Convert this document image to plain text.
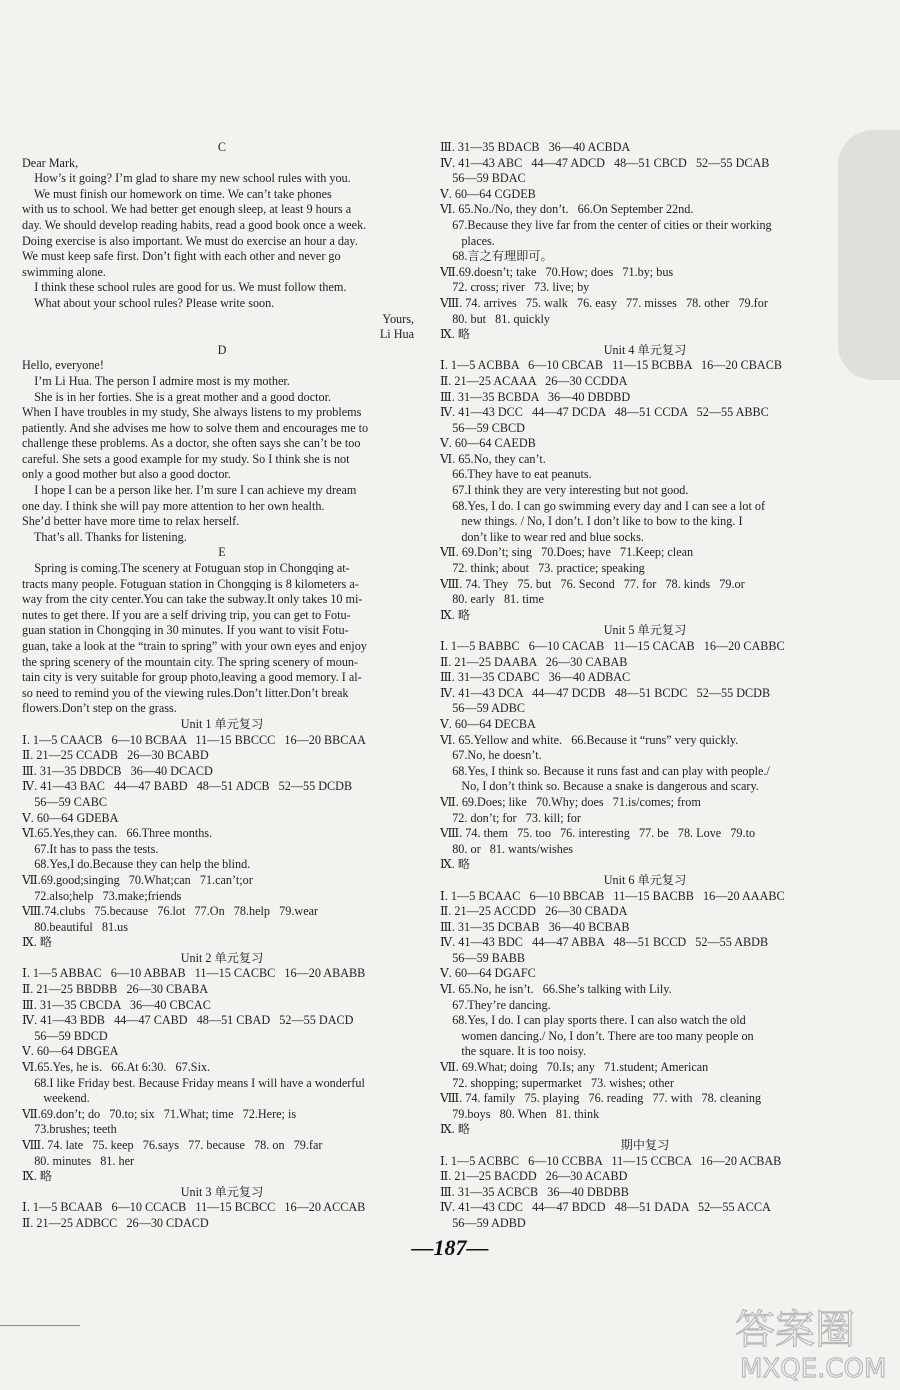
C
Dear Mark,
How’s it going? I’m glad to share my new school rules with you.
We must finish our homework on time. We can’t take phones
with us to school. We had better get enough sleep, at least 9 hours a
day. We should develop reading habits, read a good book once a week.
Doing exercise is also important. We must do exercise an hour a day.
We must keep safe first. Don’t fight with each other and never go
swimming alone.
I think these school rules are good for us. We must follow them.
What about your school rules? Please write soon.
Yours,
Li Hua
D
Hello, everyone!
I’m Li Hua. The person I admire most is my mother.
She is in her forties. She is a great mother and a good doctor.
When I have troubles in my study, She always listens to my problems
patiently. And she advises me how to solve them and encourages me to
challenge these problems. As a doctor, she often says she can’t be too
careful. She sets a good example for my study. So I think she is not
only a good mother but also a good doctor.
I hope I can be a person like her. I’m sure I can achieve my dream
one day. I think she will pay more attention to her own health.
She’d better have more time to relax herself.
That’s all. Thanks for listening.
E
Spring is coming.The scenery at Fotuguan stop in Chongqing at-
tracts many people. Fotuguan station in Chongqing is 8 kilometers a-
way from the city center.You can take the subway.It only takes 10 mi-
nutes to get there. If you are a self driving trip, you can get to Fotu-
guan station in Chongqing in 30 minutes. If you want to visit Fotu-
guan, take a look at the “train to spring” with your own eyes and enjoy
the spring scenery of the mountain city. The spring scenery of moun-
tain city is very suitable for group photo,leaving a good memory. I al-
so need to remind you of the viewing rules.Don’t litter.Don’t break
flowers.Don’t step on the grass.
Unit 1 单元复习
Ⅰ. 1—5 CAACB   6—10 BCBAA   11—15 BBCCC   16—20 BBCAA
Ⅱ. 21—25 CCADB   26—30 BCABD
Ⅲ. 31—35 DBDCB   36—40 DCACD
Ⅳ. 41—43 BAC   44—47 BABD   48—51 ADCB   52—55 DCDB
56—59 CABC
Ⅴ. 60—64 GDEBA
Ⅵ.65.Yes,they can.   66.Three months.
67.It has to pass the tests.
68.Yes,I do.Because they can help the blind.
Ⅶ.69.good;singing   70.What;can   71.can’t;or
72.also;help   73.make;friends
Ⅷ.74.clubs   75.because   76.lot   77.On   78.help   79.wear
80.beautiful   81.us
Ⅸ. 略
Unit 2 单元复习
Ⅰ. 1—5 ABBAC   6—10 ABBAB   11—15 CACBC   16—20 ABABB
Ⅱ. 21—25 BBDBB   26—30 CBABA
Ⅲ. 31—35 CBCDA   36—40 CBCAC
Ⅳ. 41—43 BDB   44—47 CABD   48—51 CBAD   52—55 DACD
56—59 BDCD
Ⅴ. 60—64 DBGEA
Ⅵ.65.Yes, he is.   66.At 6:30.   67.Six.
68.I like Friday best. Because Friday means I will have a wonderful
weekend.
Ⅶ.69.don’t; do   70.to; six   71.What; time   72.Here; is
73.brushes; teeth
Ⅷ. 74. late   75. keep   76.says   77. because   78. on   79.far
80. minutes   81. her
Ⅸ. 略
Unit 3 单元复习
Ⅰ. 1—5 BCAAB   6—10 CCACB   11—15 BCBCC   16—20 ACCAB
Ⅱ. 21—25 ADBCC   26—30 CDACD
Ⅲ. 31—35 BDACB   36—40 ACBDA
Ⅳ. 41—43 ABC   44—47 ADCD   48—51 CBCD   52—55 DCAB
56—59 BDAC
Ⅴ. 60—64 CGDEB
Ⅵ. 65.No./No, they don’t.   66.On September 22nd.
67.Because they live far from the center of cities or their working
places.
68.言之有理即可。
Ⅶ.69.doesn’t; take   70.How; does   71.by; bus
72. cross; river   73. live; by
Ⅷ. 74. arrives   75. walk   76. easy   77. misses   78. other   79.for
80. but   81. quickly
Ⅸ. 略
Unit 4 单元复习
Ⅰ. 1—5 ACBBA   6—10 CBCAB   11—15 BCBBA   16—20 CBACB
Ⅱ. 21—25 ACAAA   26—30 CCDDA
Ⅲ. 31—35 BCBDA   36—40 DBDBD
Ⅳ. 41—43 DCC   44—47 DCDA   48—51 CCDA   52—55 ABBC
56—59 CBCD
Ⅴ. 60—64 CAEDB
Ⅵ. 65.No, they can’t.
66.They have to eat peanuts.
67.I think they are very interesting but not good.
68.Yes, I do. I can go swimming every day and I can see a lot of
new things. / No, I don’t. I don’t like to bow to the king. I
don’t like to wear red and blue socks.
Ⅶ. 69.Don’t; sing   70.Does; have   71.Keep; clean
72. think; about   73. practice; speaking
Ⅷ. 74. They   75. but   76. Second   77. for   78. kinds   79.or
80. early   81. time
Ⅸ. 略
Unit 5 单元复习
Ⅰ. 1—5 BABBC   6—10 CACAB   11—15 CACAB   16—20 CABBC
Ⅱ. 21—25 DAABA   26—30 CABAB
Ⅲ. 31—35 CDABC   36—40 ADBAC
Ⅳ. 41—43 DCA   44—47 DCDB   48—51 BCDC   52—55 DCDB
56—59 ADBC
Ⅴ. 60—64 DECBA
Ⅵ. 65.Yellow and white.   66.Because it “runs” very quickly.
67.No, he doesn’t.
68.Yes, I think so. Because it runs fast and can play with people./
No, I don’t think so. Because a snake is dangerous and scary.
Ⅶ. 69.Does; like   70.Why; does   71.is/comes; from
72. don’t; for   73. kill; for
Ⅷ. 74. them   75. too   76. interesting   77. be   78. Love   79.to
80. or   81. wants/wishes
Ⅸ. 略
Unit 6 单元复习
Ⅰ. 1—5 BCAAC   6—10 BBCAB   11—15 BACBB   16—20 AAABC
Ⅱ. 21—25 ACCDD   26—30 CBADA
Ⅲ. 31—35 DCBAB   36—40 BCBAB
Ⅳ. 41—43 BDC   44—47 ABBA   48—51 BCCD   52—55 ABDB
56—59 BABB
Ⅴ. 60—64 DGAFC
Ⅵ. 65.No, he isn’t.   66.She’s talking with Lily.
67.They’re dancing.
68.Yes, I do. I can play sports there. I can also watch the old
women dancing./ No, I don’t. There are too many people on
the square. It is too noisy.
Ⅶ. 69.What; doing   70.Is; any   71.student; American
72. shopping; supermarket   73. wishes; other
Ⅷ. 74. family   75. playing   76. reading   77. with   78. cleaning
79.boys   80. When   81. think
Ⅸ. 略
期中复习
Ⅰ. 1—5 ACBBC   6—10 CCBBA   11—15 CCBCA   16—20 ACBAB
Ⅱ. 21—25 BACDD   26—30 ACABD
Ⅲ. 31—35 ACBCB   36—40 DBDBB
Ⅳ. 41—43 CDC   44—47 BDCD   48—51 DADA   52—55 ACCA
56—59 ADBD
—187—
答案圈
MXQE.COM
